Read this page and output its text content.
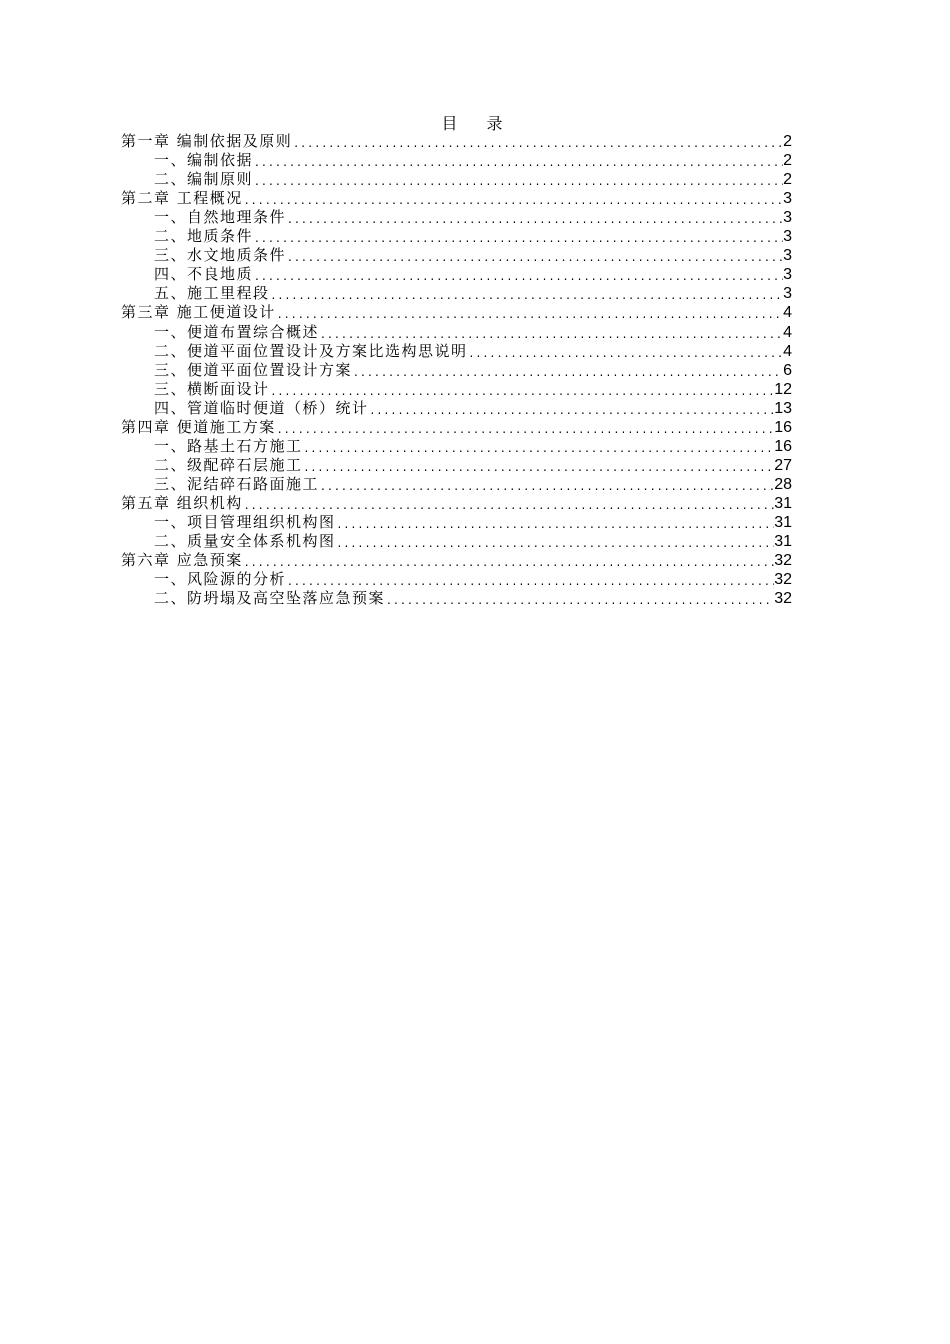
目 录
第一章 编制依据及原则 .....	2
一、编制依据 .....	2
二、编制原则 .....	2
第二章 工程概况 .....	3
一、自然地理条件 .....	3
二、地质条件 .....	3
三、水文地质条件 .....	3
四、不良地质 .....	3
五、施工里程段 .....	3
第三章 施工便道设计 .....	4
一、便道布置综合概述 .....	4
二、便道平面位置设计及方案比选构思说明 .....	4
三、便道平面位置设计方案 .....	6
三、横断面设计 .....	12
四、管道临时便道（桥）统计 .....	13
第四章 便道施工方案 .....	16
一、路基土石方施工 .....	16
二、级配碎石层施工 .....	27
三、泥结碎石路面施工 .....	28
第五章 组织机构 .....	31
一、项目管理组织机构图 .....	31
二、质量安全体系机构图 .....	31
第六章 应急预案 .....	32
一、风险源的分析 .....	32
二、防坍塌及高空坠落应急预案 .....	32
